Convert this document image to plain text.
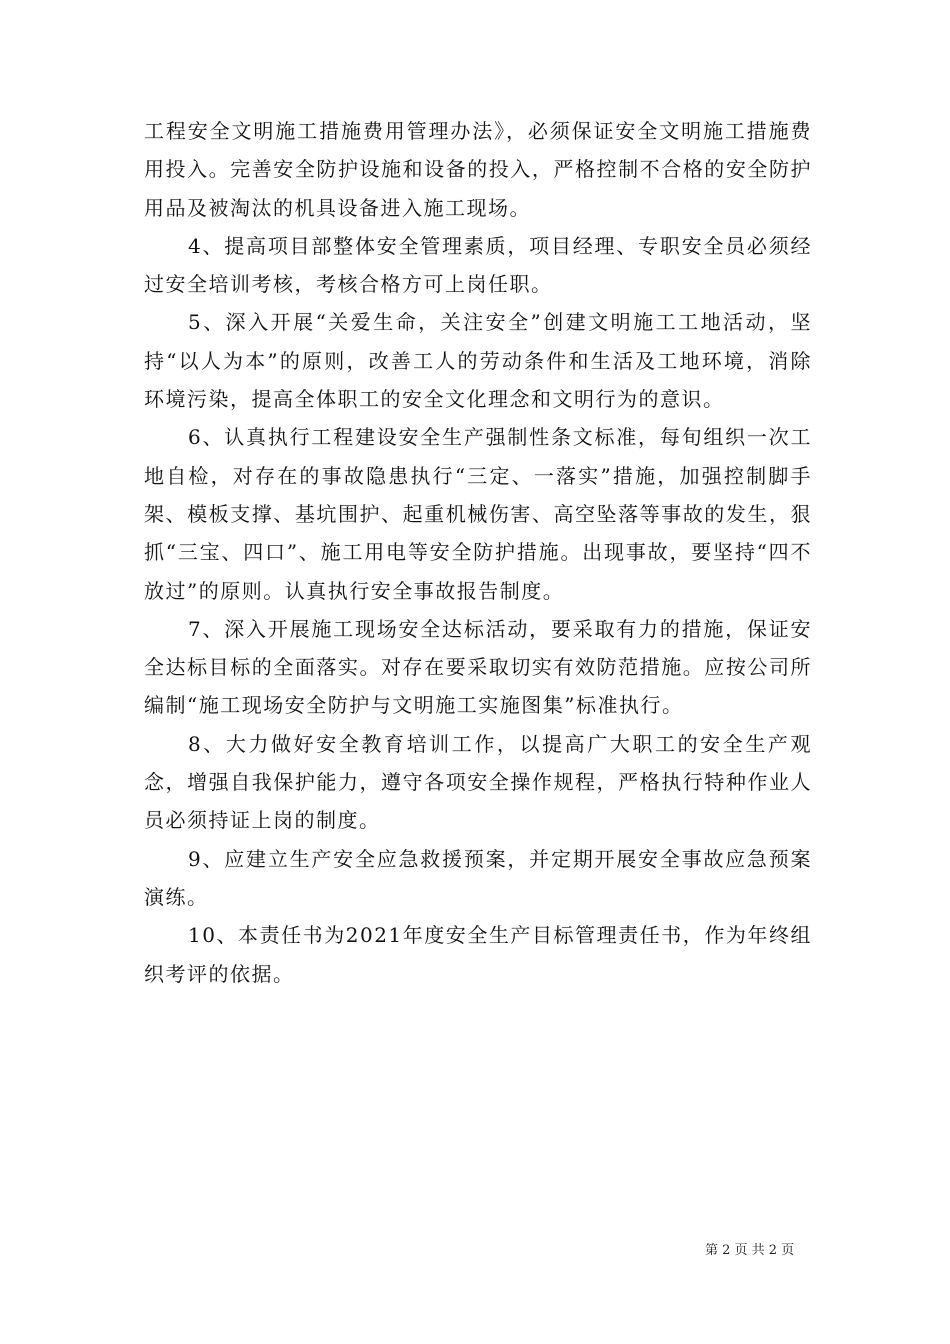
工程安全文明施工措施费用管理办法》，必须保证安全文明施工措施费用投入。完善安全防护设施和设备的投入，严格控制不合格的安全防护用品及被淘汰的机具设备进入施工现场。

4、提高项目部整体安全管理素质，项目经理、专职安全员必须经过安全培训考核，考核合格方可上岗任职。

5、深入开展“关爱生命，关注安全”创建文明施工工地活动，坚持“以人为本”的原则，改善工人的劳动条件和生活及工地环境，消除环境污染，提高全体职工的安全文化理念和文明行为的意识。

6、认真执行工程建设安全生产强制性条文标准，每旬组织一次工地自检，对存在的事故隐患执行“三定、一落实”措施，加强控制脚手架、模板支撑、基坑围护、起重机械伤害、高空坠落等事故的发生，狠抓“三宝、四口”、施工用电等安全防护措施。出现事故，要坚持“四不放过”的原则。认真执行安全事故报告制度。

7、深入开展施工现场安全达标活动，要采取有力的措施，保证安全达标目标的全面落实。对存在要采取切实有效防范措施。应按公司所编制“施工现场安全防护与文明施工实施图集”标准执行。

8、大力做好安全教育培训工作，以提高广大职工的安全生产观念，增强自我保护能力，遵守各项安全操作规程，严格执行特种作业人员必须持证上岗的制度。

9、应建立生产安全应急救援预案，并定期开展安全事故应急预案演练。

10、本责任书为2021年度安全生产目标管理责任书，作为年终组织考评的依据。

第 2 页 共 2 页
